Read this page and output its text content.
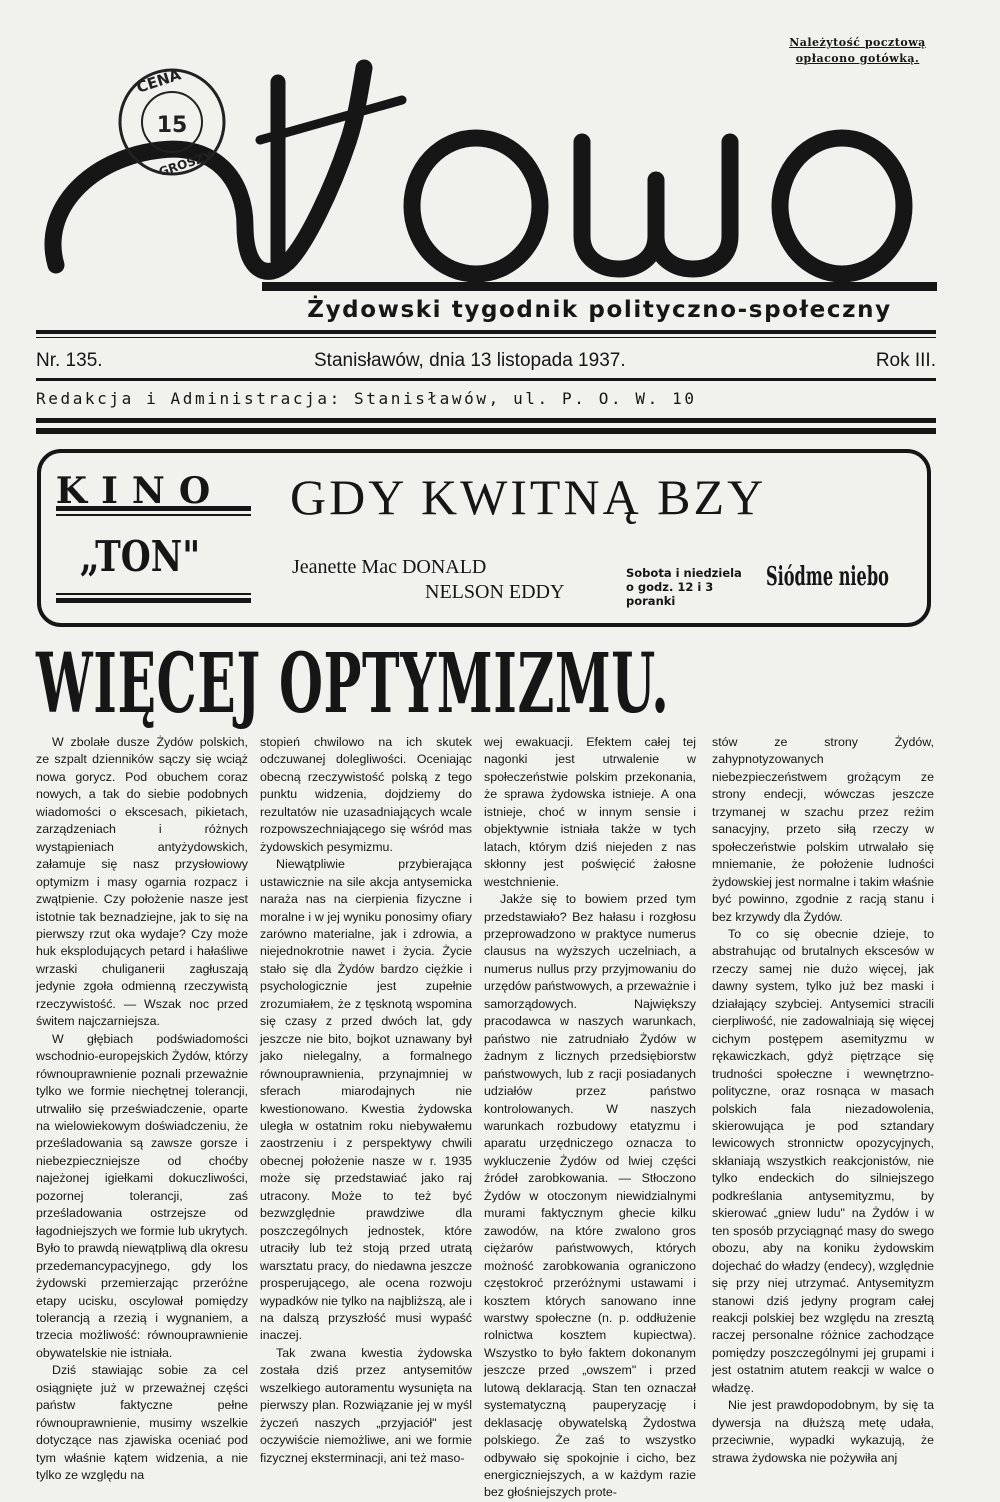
CENA
15
GROSZY
Należytość pocztową
opłacono gotówką.
Żydowski tygodnik polityczno-społeczny
Nr. 135.	Stanisławów, dnia 13 listopada 1937.	Rok III.
Redakcja i Administracja: Stanisławów, ul. P. O. W. 10
KINO
„TON"
GDY KWITNĄ BZY
Jeanette Mac DONALD
NELSON EDDY
Sobota i niedziela
o godz. 12 i 3 poranki
Siódme niebo
WIĘCEJ OPTYMIZMU.

W zbolałe dusze Żydów polskich, ze szpalt dzienników sączy się wciąż nowa gorycz. Pod obuchem coraz nowych, a tak do siebie podobnych wiadomości o ekscesach, pikietach, zarządzeniach i różnych wystąpieniach antyżydowskich, załamuje się nasz przysłowiowy optymizm i masy ogarnia rozpacz i zwątpienie. Czy położenie nasze jest istotnie tak beznadziejne, jak to się na pierwszy rzut oka wydaje? Czy może huk eksplodujących petard i hałaśliwe wrzaski chuliganerii zagłuszają jedynie zgoła odmienną rzeczywistą rzeczywistość. — Wszak noc przed świtem najczarniejsza.

W głębiach podświadomości wschodnio-europejskich Żydów, którzy równouprawnienie poznali przeważnie tylko we formie niechętnej tolerancji, utrwaliło się przeświadczenie, oparte na wielowiekowym doświadczeniu, że prześladowania są zawsze gorsze i niebezpieczniejsze od choćby najeżonej igiełkami dokuczliwości, pozornej tolerancji, zaś prześladowania ostrzejsze od łagodniejszych we formie lub ukrytych. Było to prawdą niewątpliwą dla okresu przedemancypacyjnego, gdy los żydowski przemierzając przeróżne etapy ucisku, oscylował pomiędzy tolerancją a rzezią i wygnaniem, a trzecia możliwość: równouprawnienie obywatelskie nie istniała.

Dziś stawiając sobie za cel osiągnięte już w przeważnej części państw faktyczne pełne równouprawnienie, musimy wszelkie dotyczące nas zjawiska oceniać pod tym właśnie kątem widzenia, a nie tylko ze względu na

stopień chwilowo na ich skutek odczuwanej dolegliwości. Oceniając obecną rzeczywistość polską z tego punktu widzenia, dojdziemy do rezultatów nie uzasadniających wcale rozpowszechniającego się wśród mas żydowskich pesymizmu.

Niewątpliwie przybierająca ustawicznie na sile akcja antysemicka naraża nas na cierpienia fizyczne i moralne i w jej wyniku ponosimy ofiary zarówno materialne, jak i zdrowia, a niejednokrotnie nawet i życia. Życie stało się dla Żydów bardzo ciężkie i psychologicznie jest zupełnie zrozumiałem, że z tęsknotą wspomina się czasy z przed dwóch lat, gdy jeszcze nie bito, bojkot uznawany był jako nielegalny, a formalnego równouprawnienia, przynajmniej w sferach miarodajnych nie kwestionowano. Kwestia żydowska uległa w ostatnim roku niebywałemu zaostrzeniu i z perspektywy chwili obecnej położenie nasze w r. 1935 może się przedstawiać jako raj utracony. Może to też być bezwzględnie prawdziwe dla poszczególnych jednostek, które utraciły lub też stoją przed utratą warsztatu pracy, do niedawna jeszcze prosperującego, ale ocena rozwoju wypadków nie tylko na najbliższą, ale i na dalszą przyszłość musi wypaść inaczej.

Tak zwana kwestia żydowska została dziś przez antysemitów wszelkiego autoramentu wysunięta na pierwszy plan. Rozwiązanie jej w myśl życzeń naszych „przyjaciół" jest oczywiście niemożliwe, ani we formie fizycznej eksterminacji, ani też maso-

wej ewakuacji. Efektem całej tej nagonki jest utrwalenie w społeczeństwie polskim przekonania, że sprawa żydowska istnieje. A ona istnieje, choć w innym sensie i objektywnie istniała także w tych latach, którym dziś niejeden z nas skłonny jest poświęcić żałosne westchnienie.

Jakże się to bowiem przed tym przedstawiało? Bez hałasu i rozgłosu przeprowadzono w praktyce numerus clausus na wyższych uczelniach, a numerus nullus przy przyjmowaniu do urzędów państwowych, a przeważnie i samorządowych. Największy pracodawca w naszych warunkach, państwo nie zatrudniało Żydów w żadnym z licznych przedsiębiorstw państwowych, lub z racji posiadanych udziałów przez państwo kontrolowanych. W naszych warunkach rozbudowy etatyzmu i aparatu urzędniczego oznacza to wykluczenie Żydów od lwiej części źródeł zarobkowania. — Stłoczono Żydów w otoczonym niewidzialnymi murami faktycznym ghecie kilku zawodów, na które zwalono gros ciężarów państwowych, których możność zarobkowania ograniczono częstokroć przeróżnymi ustawami i kosztem których sanowano inne warstwy społeczne (n. p. oddłużenie rolnictwa kosztem kupiectwa). Wszystko to było faktem dokonanym jeszcze przed „owszem" i przed lutową deklaracją. Stan ten oznaczał systematyczną pauperyzację i deklasację obywatelską Żydostwa polskiego. Że zaś to wszystko odbywało się spokojnie i cicho, bez energiczniejszych, a w każdym razie bez głośniejszych prote-

stów ze strony Żydów, zahypnotyzowanych niebezpieczeństwem grożącym ze strony endecji, wówczas jeszcze trzymanej w szachu przez reżim sanacyjny, przeto siłą rzeczy w społeczeństwie polskim utrwalało się mniemanie, że położenie ludności żydowskiej jest normalne i takim właśnie być powinno, zgodnie z racją stanu i bez krzywdy dla Żydów.

To co się obecnie dzieje, to abstrahując od brutalnych ekscesów w rzeczy samej nie dużo więcej, jak dawny system, tylko już bez maski i działający szybciej. Antysemici stracili cierpliwość, nie zadowalniają się więcej cichym postępem asemityzmu w rękawiczkach, gdyż piętrzące się trudności społeczne i wewnętrzno-polityczne, oraz rosnąca w masach polskich fala niezadowolenia, skierowująca je pod sztandary lewicowych stronnictw opozycyjnych, skłaniają wszystkich reakcjonistów, nie tylko endeckich do silniejszego podkreślania antysemityzmu, by skierować „gniew ludu" na Żydów i w ten sposób przyciągnąć masy do swego obozu, aby na koniku żydowskim dojechać do władzy (endecy), względnie się przy niej utrzymać. Antysemityzm stanowi dziś jedyny program całej reakcji polskiej bez względu na zresztą raczej personalne różnice zachodzące pomiędzy poszczególnymi jej grupami i jest ostatnim atutem reakcji w walce o władzę.

Nie jest prawdopodobnym, by się ta dywersja na dłuższą metę udała, przeciwnie, wypadki wykazują, że strawa żydowska nie pożywiła anj
